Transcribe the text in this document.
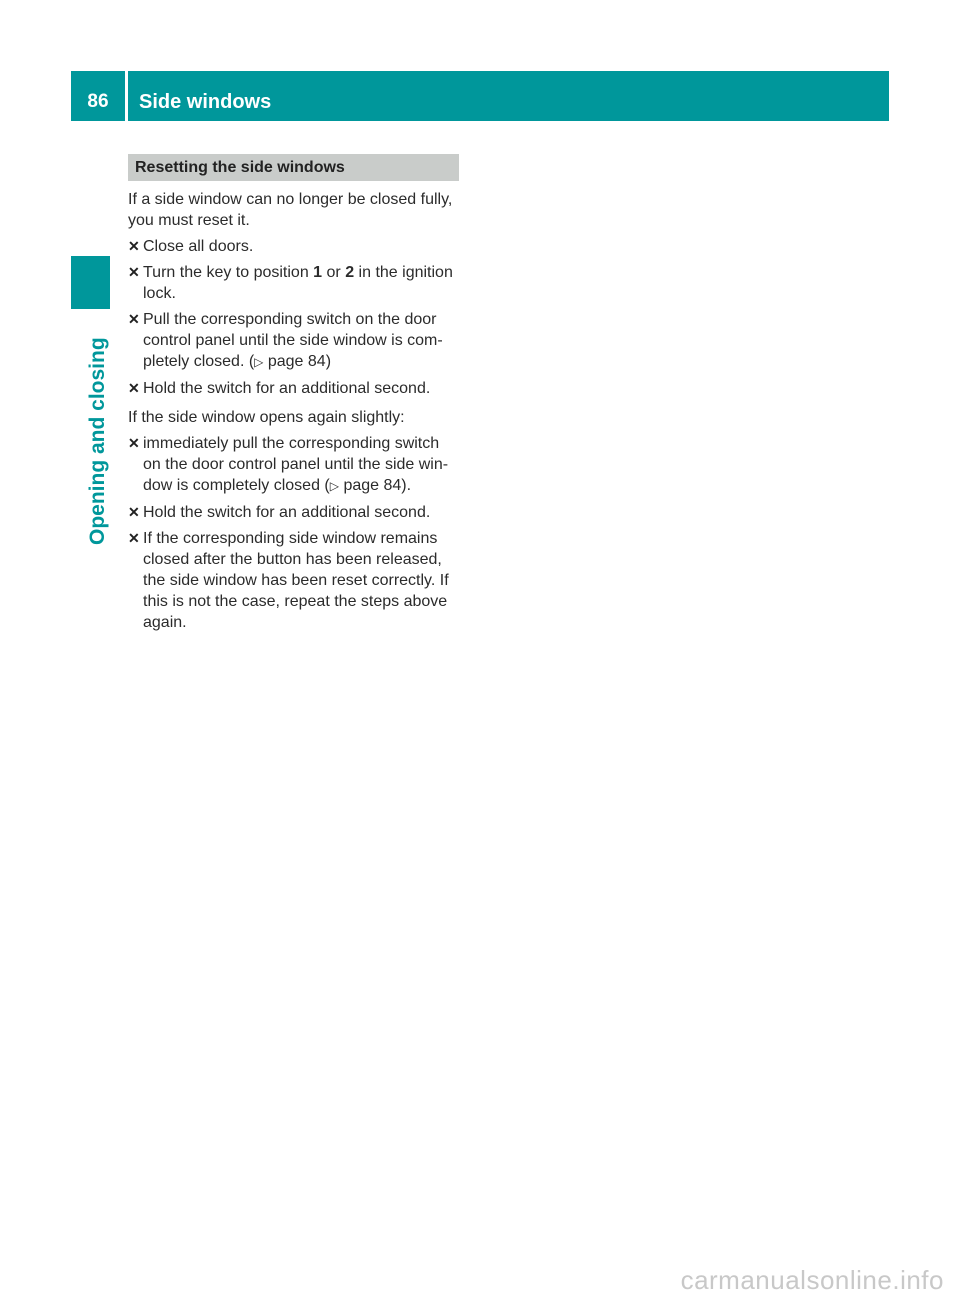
86	Side windows
Opening and closing
Resetting the side windows

If a side window can no longer be closed fully, you must reset it.

✕ Close all doors.
✕ Turn the key to position 1 or 2 in the ignition lock.
✕ Pull the corresponding switch on the door control panel until the side window is com-pletely closed. (▷ page 84)
✕ Hold the switch for an additional second.

If the side window opens again slightly:

✕ immediately pull the corresponding switch on the door control panel until the side win-dow is completely closed (▷ page 84).
✕ Hold the switch for an additional second.
✕ If the corresponding side window remains closed after the button has been released, the side window has been reset correctly. If this is not the case, repeat the steps above again.
carmanualsonline.info
